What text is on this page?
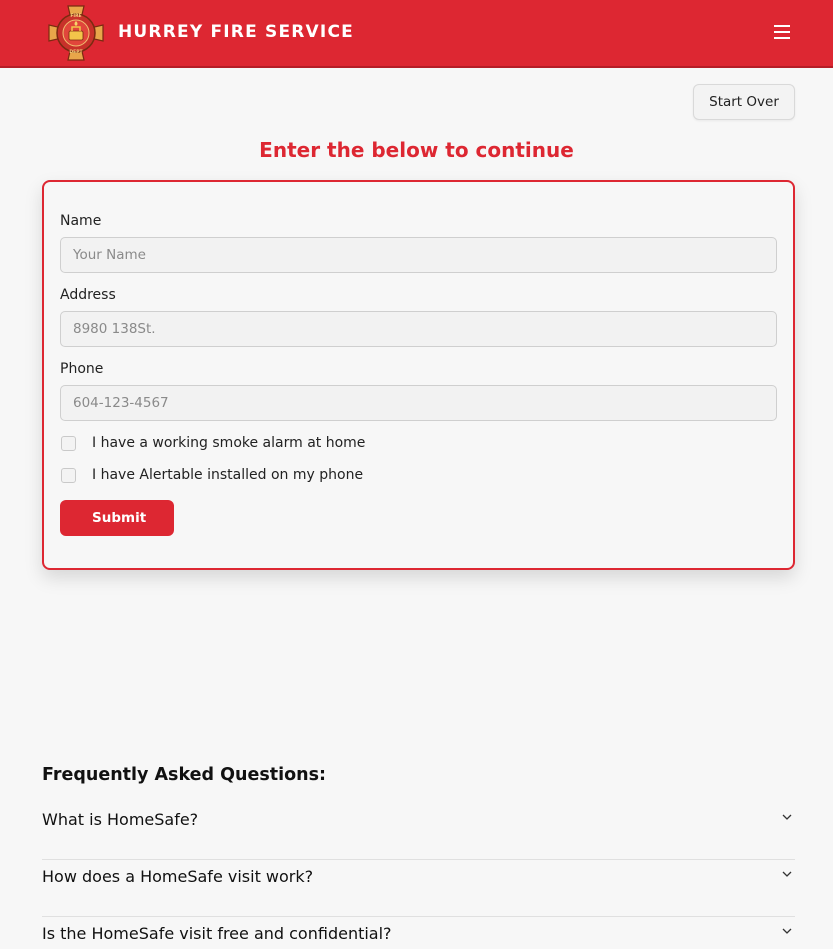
FIRE
DEPT
HURREY FIRE SERVICE
Start Over
Enter the below to continue
Name
Your Name
Address
8980 138St.
Phone
604-123-4567
I have a working smoke alarm at home
I have Alertable installed on my phone
Submit
Frequently Asked Questions:
What is HomeSafe?
How does a HomeSafe visit work?
Is the HomeSafe visit free and confidential?
